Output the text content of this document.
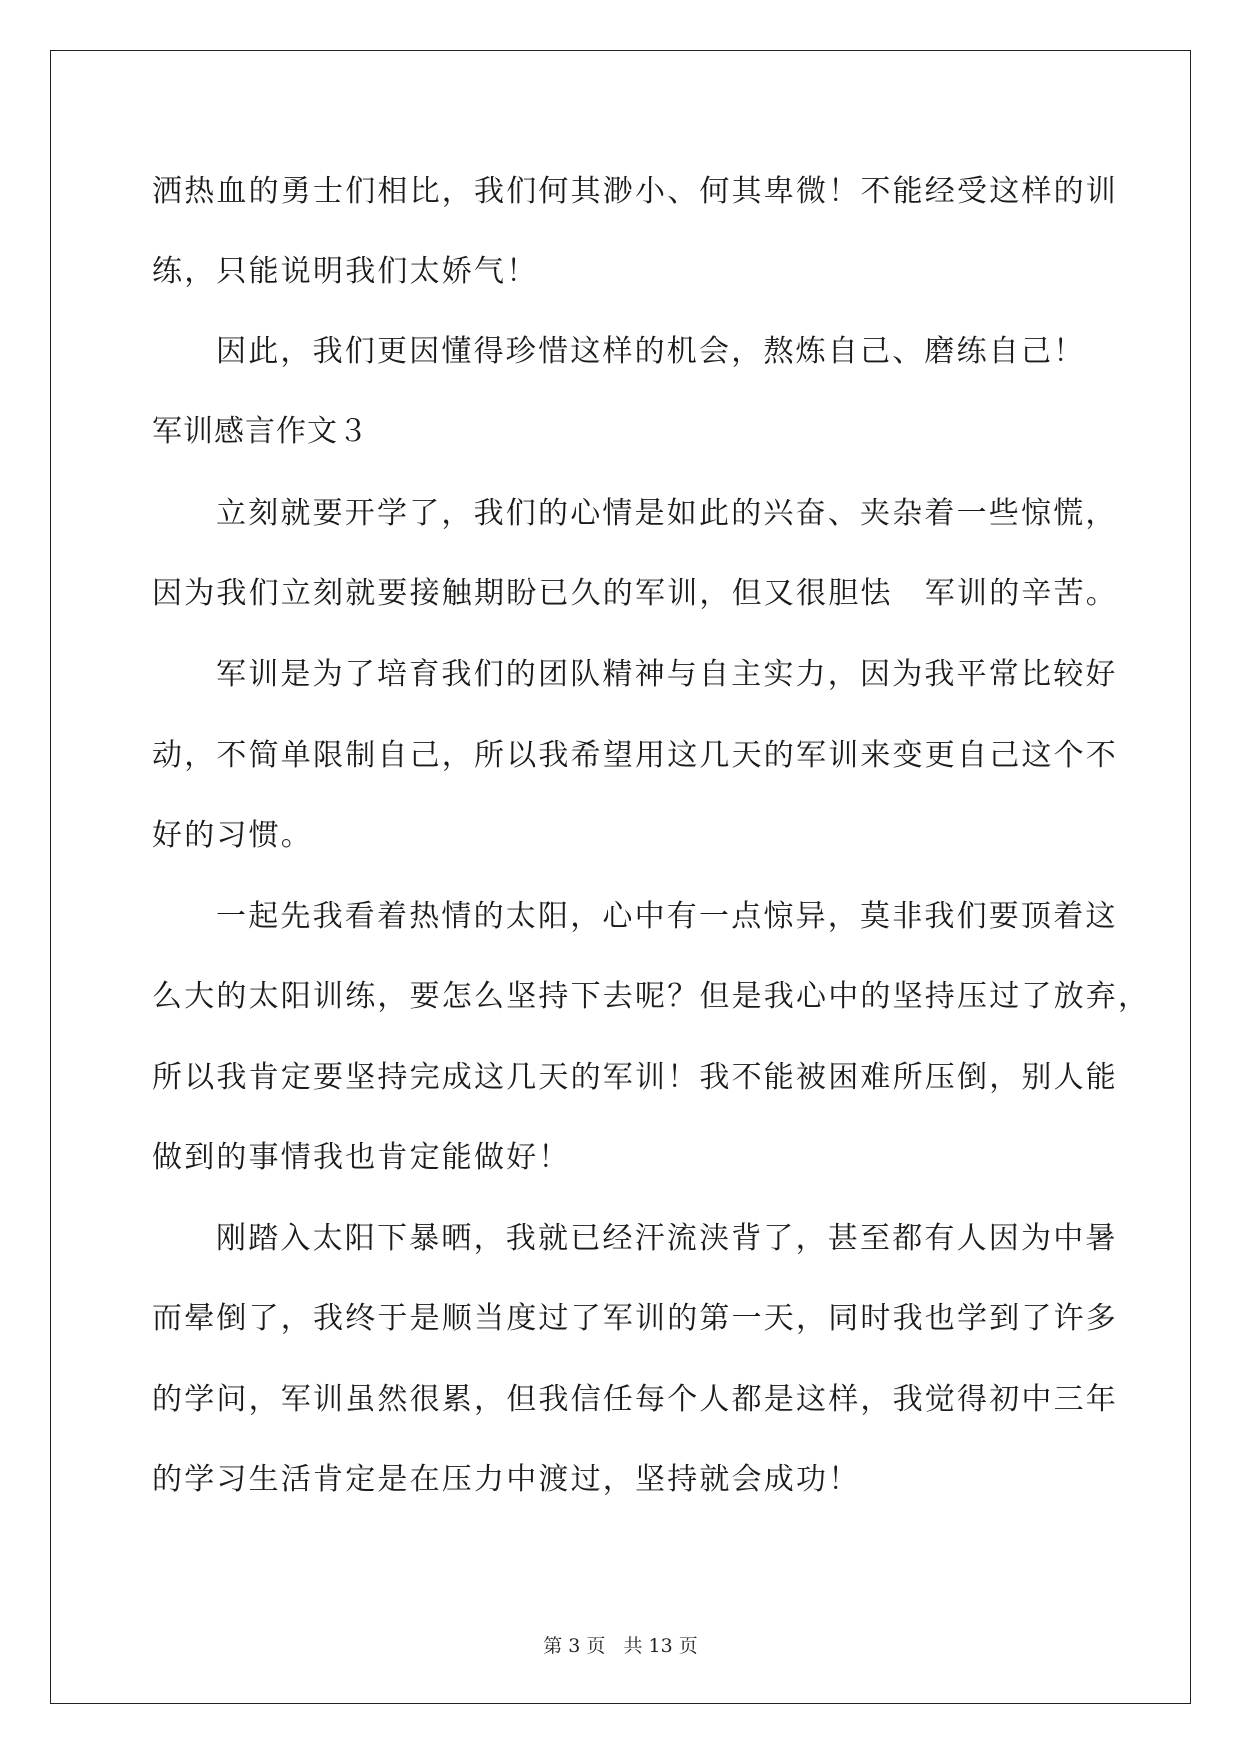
洒热血的勇士们相比，我们何其渺小、何其卑微！不能经受这样的训
练，只能说明我们太娇气！
因此，我们更因懂得珍惜这样的机会，熬炼自己、磨练自己！
军训感言作文３
立刻就要开学了，我们的心情是如此的兴奋、夹杂着一些惊慌，
因为我们立刻就要接触期盼已久的军训，但又很胆怯　军训的辛苦。
军训是为了培育我们的团队精神与自主实力，因为我平常比较好
动，不简单限制自己，所以我希望用这几天的军训来变更自己这个不
好的习惯。
一起先我看着热情的太阳，心中有一点惊异，莫非我们要顶着这
么大的太阳训练，要怎么坚持下去呢？但是我心中的坚持压过了放弃，
所以我肯定要坚持完成这几天的军训！我不能被困难所压倒，别人能
做到的事情我也肯定能做好！
刚踏入太阳下暴晒，我就已经汗流浃背了，甚至都有人因为中暑
而晕倒了，我终于是顺当度过了军训的第一天，同时我也学到了许多
的学问，军训虽然很累，但我信任每个人都是这样，我觉得初中三年
的学习生活肯定是在压力中渡过，坚持就会成功！
第 3 页 共 13 页
